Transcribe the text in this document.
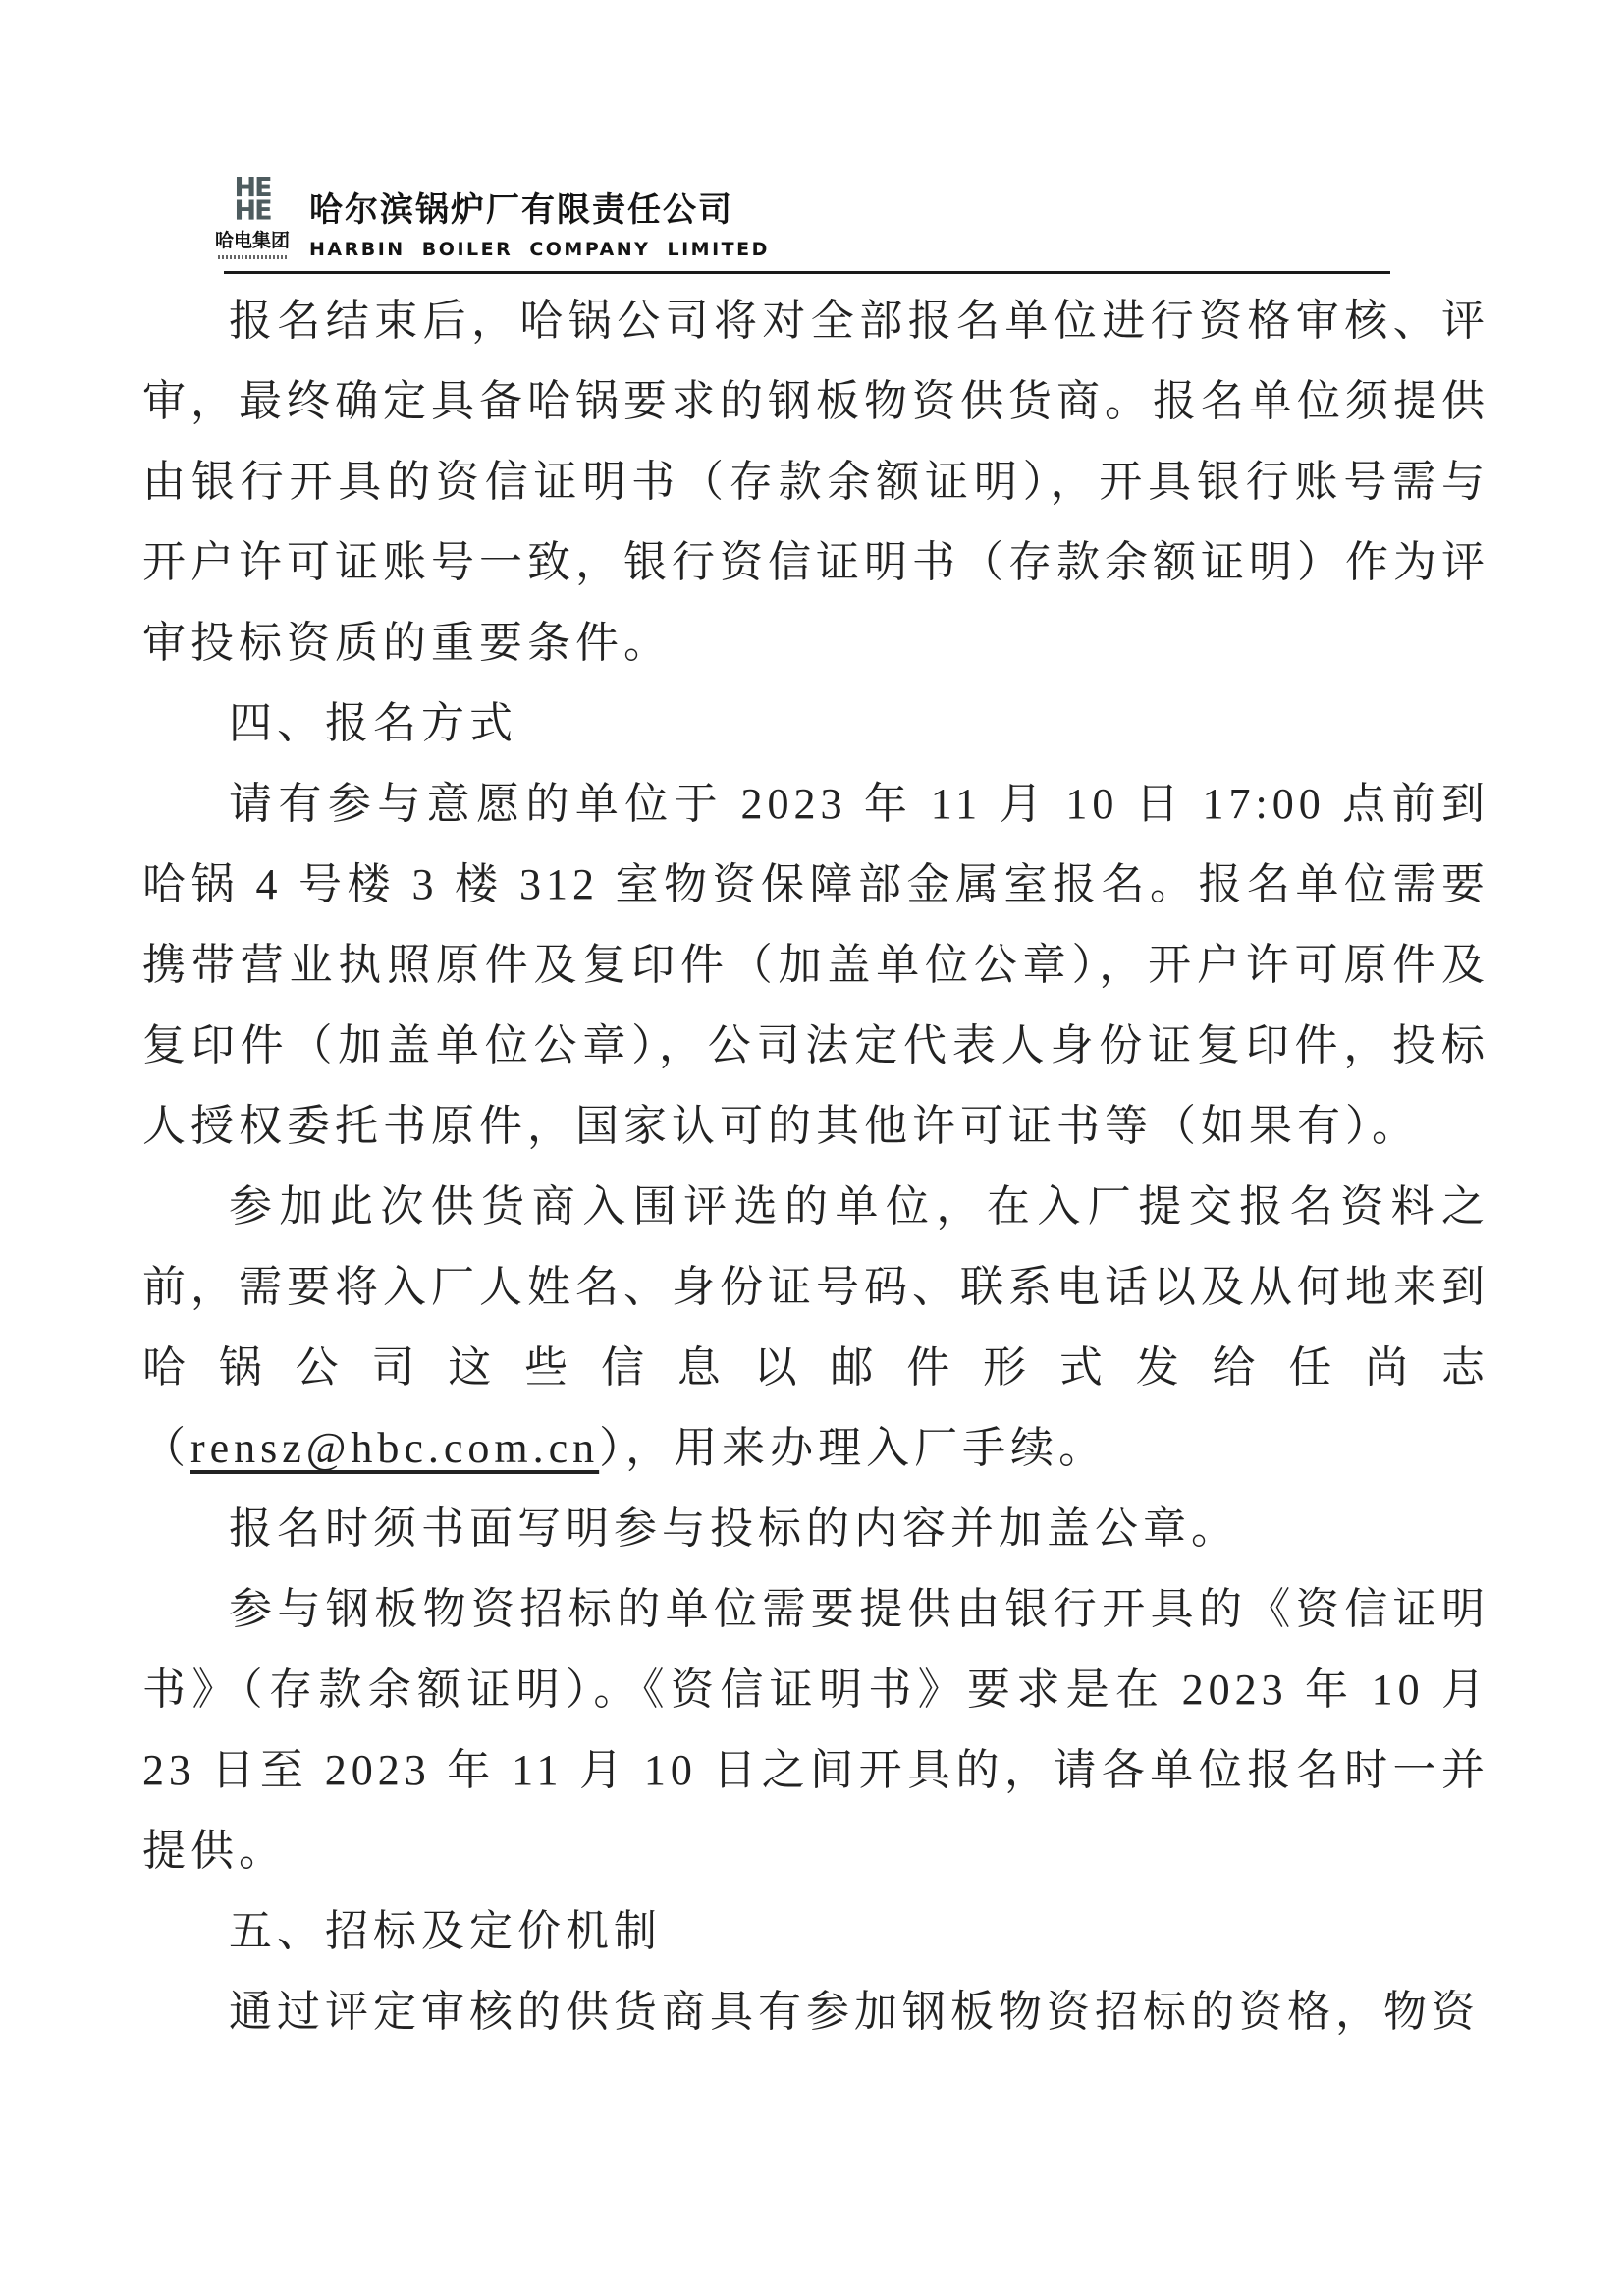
HE
HE
哈电集团
哈尔滨锅炉厂有限责任公司
HARBIN BOILER COMPANY LIMITED

报名结束后，哈锅公司将对全部报名单位进行资格审核、评审，最终确定具备哈锅要求的钢板物资供货商。报名单位须提供由银行开具的资信证明书（存款余额证明），开具银行账号需与开户许可证账号一致，银行资信证明书（存款余额证明）作为评审投标资质的重要条件。

四、报名方式

请有参与意愿的单位于 2023 年 11 月 10 日 17:00 点前到哈锅 4 号楼 3 楼 312 室物资保障部金属室报名。报名单位需要携带营业执照原件及复印件（加盖单位公章），开户许可原件及复印件（加盖单位公章），公司法定代表人身份证复印件，投标人授权委托书原件，国家认可的其他许可证书等（如果有）。

参加此次供货商入围评选的单位，在入厂提交报名资料之前，需要将入厂人姓名、身份证号码、联系电话以及从何地来到哈锅公司这些信息以邮件形式发给任尚志（rensz@hbc.com.cn），用来办理入厂手续。

报名时须书面写明参与投标的内容并加盖公章。

参与钢板物资招标的单位需要提供由银行开具的《资信证明书》（存款余额证明）。《资信证明书》要求是在 2023 年 10 月 23 日至 2023 年 11 月 10 日之间开具的，请各单位报名时一并提供。

五、招标及定价机制

通过评定审核的供货商具有参加钢板物资招标的资格，物资
